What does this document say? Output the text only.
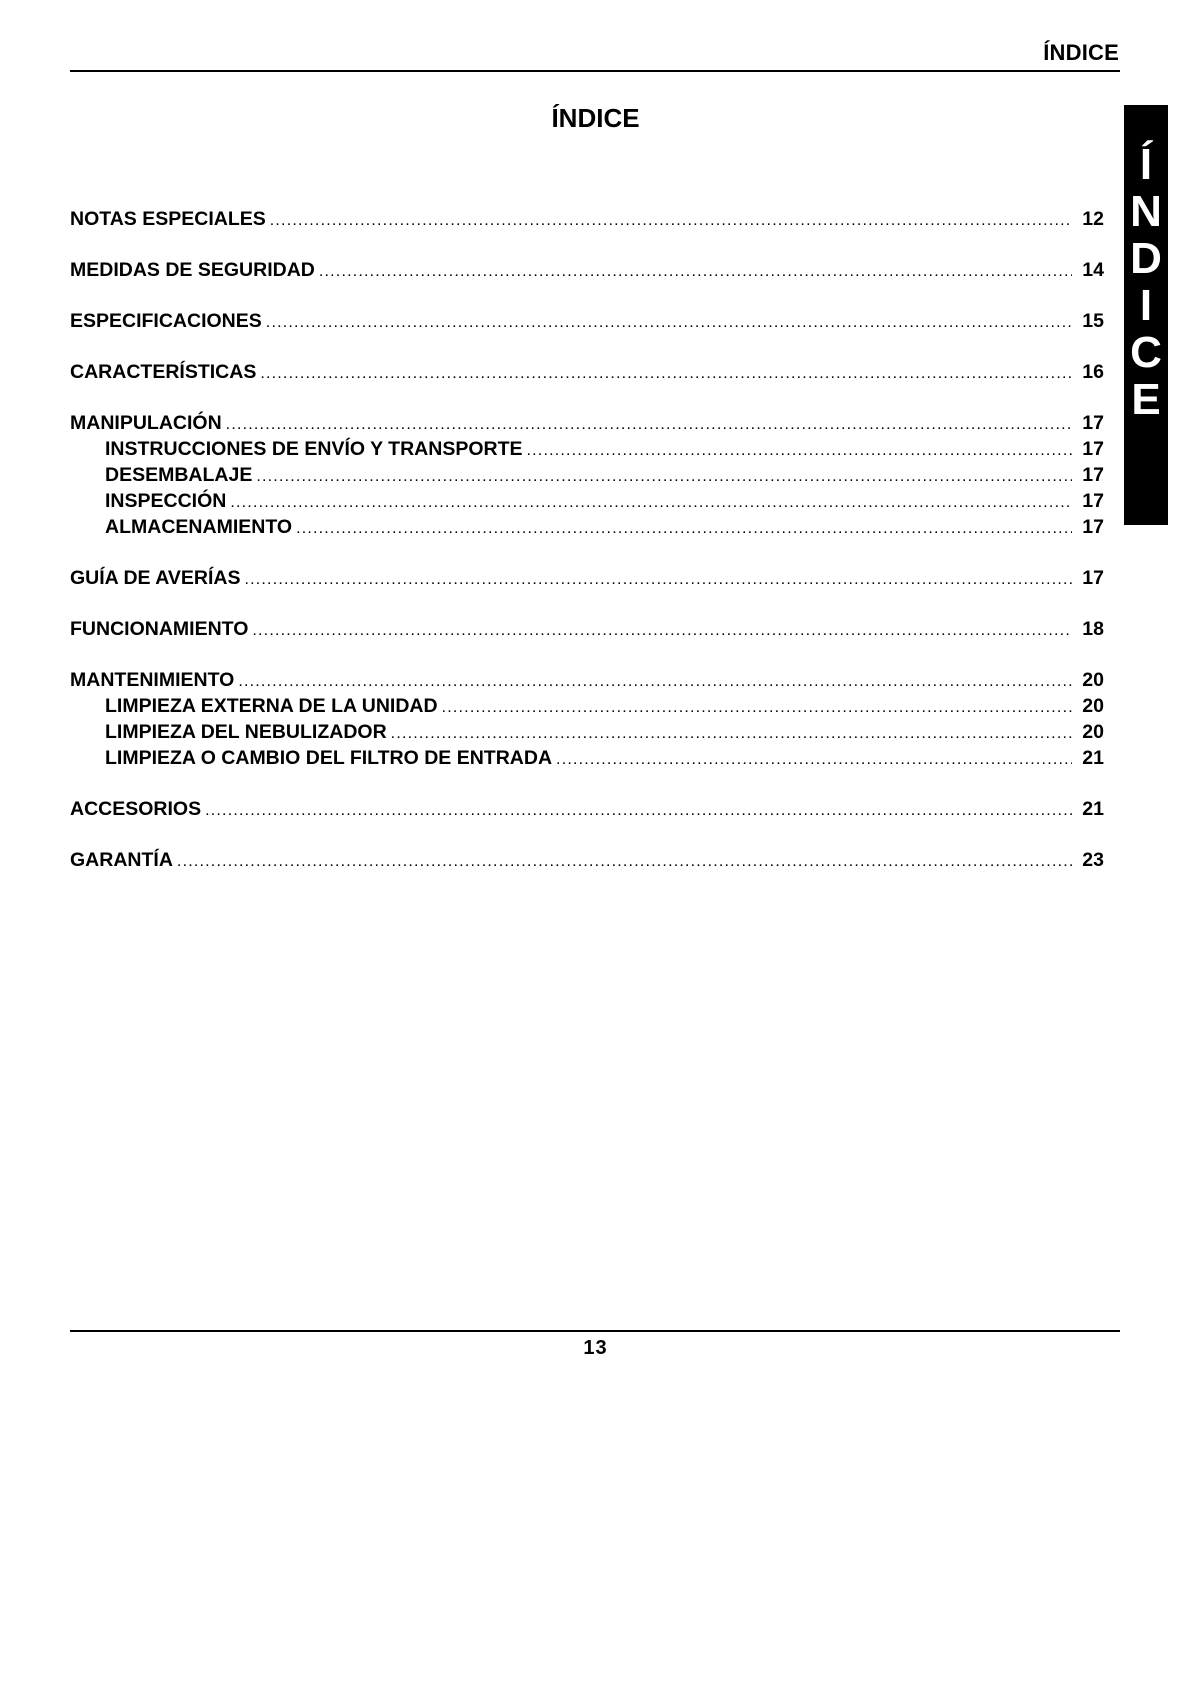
ÍNDICE
ÍNDICE
Í
N
D
I
C
E
NOTAS ESPECIALES .....	12
MEDIDAS DE SEGURIDAD .....	14
ESPECIFICACIONES .....	15
CARACTERÍSTICAS .....	16
MANIPULACIÓN .....	17
INSTRUCCIONES DE ENVÍO Y TRANSPORTE .....	17
DESEMBALAJE .....	17
INSPECCIÓN .....	17
ALMACENAMIENTO .....	17
GUÍA DE AVERÍAS .....	17
FUNCIONAMIENTO .....	18
MANTENIMIENTO .....	20
LIMPIEZA EXTERNA DE LA UNIDAD .....	20
LIMPIEZA DEL NEBULIZADOR .....	20
LIMPIEZA O CAMBIO DEL FILTRO DE ENTRADA .....	21
ACCESORIOS .....	21
GARANTÍA .....	23
13
